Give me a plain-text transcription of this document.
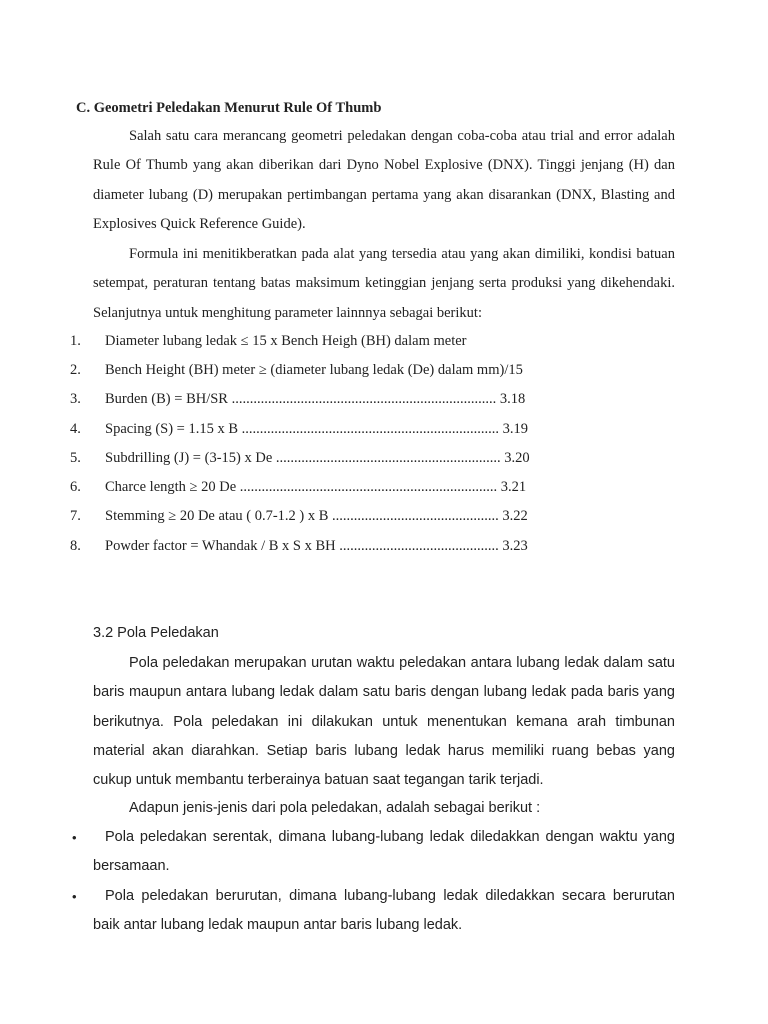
C. Geometri Peledakan Menurut Rule Of Thumb

Salah satu cara merancang geometri peledakan dengan coba-coba atau trial and error adalah Rule Of Thumb yang akan diberikan dari Dyno Nobel Explosive (DNX). Tinggi jenjang (H) dan diameter lubang (D) merupakan pertimbangan pertama yang akan disarankan (DNX, Blasting and Explosives Quick Reference Guide).

Formula ini menitikberatkan pada alat yang tersedia atau yang akan dimiliki, kondisi batuan setempat, peraturan tentang batas maksimum ketinggian jenjang serta produksi yang dikehendaki. Selanjutnya untuk menghitung parameter lainnnya sebagai berikut:

1. Diameter lubang ledak ≤ 15 x Bench Heigh (BH) dalam meter
2. Bench Height (BH) meter ≥ (diameter lubang ledak (De) dalam mm)/15
3. Burden (B) = BH/SR ......................................................................... 3.18
4. Spacing (S) = 1.15 x B ....................................................................... 3.19
5. Subdrilling (J) = (3-15) x De .............................................................. 3.20
6. Charce length ≥ 20 De ....................................................................... 3.21
7. Stemming ≥ 20 De atau ( 0.7-1.2 ) x B .............................................. 3.22
8. Powder factor = Whandak / B x S x BH ............................................ 3.23
3.2 Pola Peledakan

Pola peledakan merupakan urutan waktu peledakan antara lubang ledak dalam satu baris maupun antara lubang ledak dalam satu baris dengan lubang ledak pada baris yang berikutnya. Pola peledakan ini dilakukan untuk menentukan kemana arah timbunan material akan diarahkan. Setiap baris lubang ledak harus memiliki ruang bebas yang cukup untuk membantu terberainya batuan saat tegangan tarik terjadi.

Adapun jenis-jenis dari pola peledakan, adalah sebagai berikut :

•	Pola peledakan serentak, dimana lubang-lubang ledak diledakkan dengan waktu yang bersamaan.

•	Pola peledakan berurutan, dimana lubang-lubang ledak diledakkan secara berurutan baik antar lubang ledak maupun antar baris lubang ledak.
